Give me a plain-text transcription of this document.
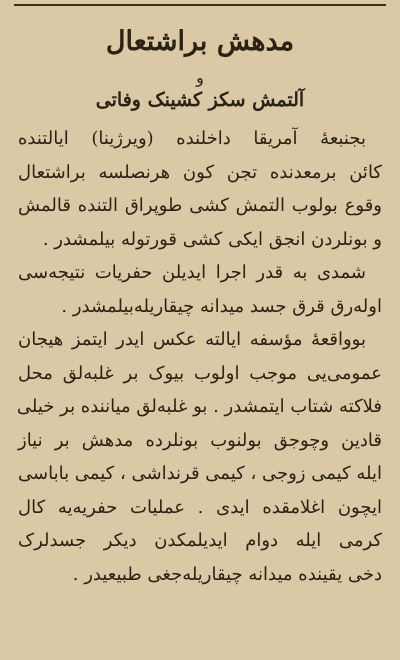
مدهش براشتعال
و
آلتمش سکز کشینک وفاتی
بجنبعهٔ آمریقا داخلنده (ویرژینا) ایالتنده
کائن برمعدنده تجن کون هرنصلسه براشتعال
وقوع بولوب التمش کشی طوپراق التنده قالمش
و بونلردن انجق ایکی کشی قورتوله بیلمشدر .
شمدی به قدر اجرا ایدیلن حفریات نتیجه‌سی
اوله‌رق قرق جسد میدانه چیقاریله‌بیلمشدر .
بوواقعهٔ مؤسفه ایالته عکس ایدر ایتمز هیجان
عمومی‌یی موجب اولوب بیوک بر غلبه‌لق محل
فلاکته شتاب ایتمشدر . بو غلبه‌لق میاننده بر خیلی
قادین وچوجق بولنوب بونلرده مدهش بر نیاز
ایله کیمی زوجی ، کیمی قرنداشی ، کیمی باباسی
ایچون اغلامقده ایدی . عملیات حفریه‌یه کال
کرمی ایله دوام ایدیلمکدن دیکر جسدلرک
دخی یقینده میدانه چیقاریله‌جغی طبیعیدر .
